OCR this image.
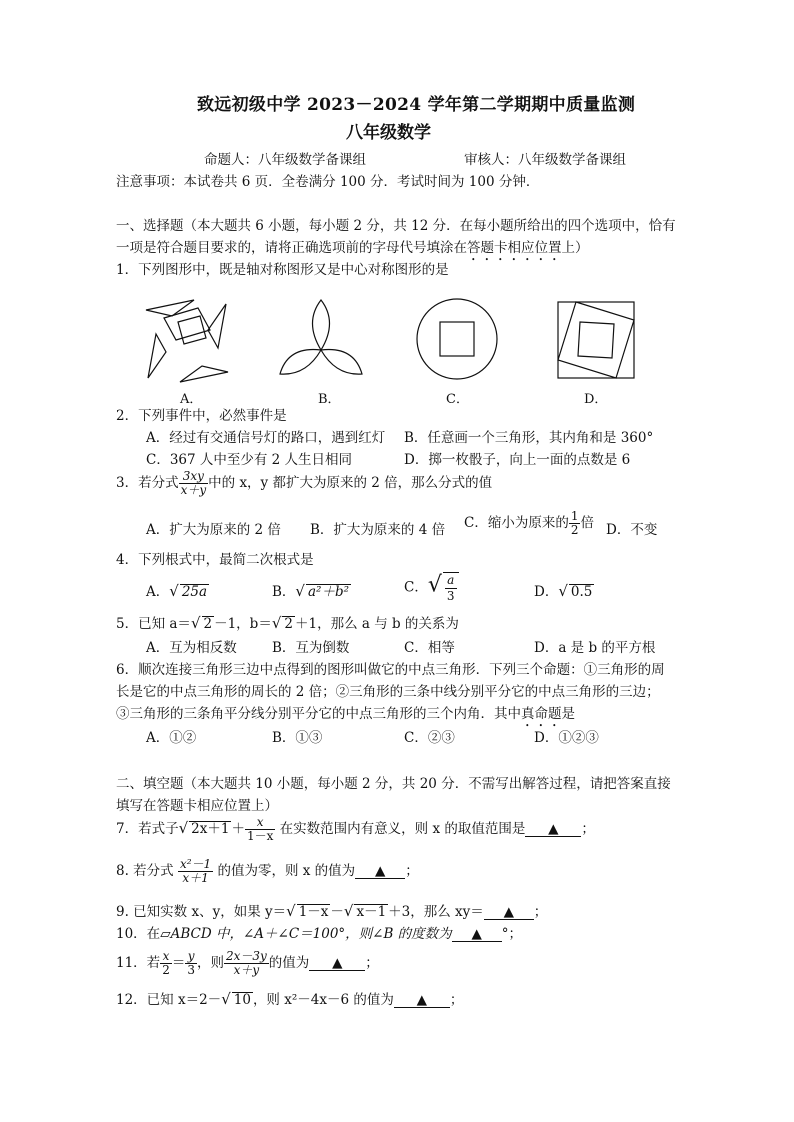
致远初级中学 2023－2024 学年第二学期期中质量监测
八年级数学
命题人：八年级数学备课组	审核人：八年级数学备课组
注意事项：本试卷共 6 页．全卷满分 100 分．考试时间为 100 分钟．
一、选择题（本大题共 6 小题，每小题 2 分，共 12 分．在每小题所给出的四个选项中，恰有
一项是符合题目要求的，请将正确选项前的字母代号填涂在答题卡相应位置上）
1．下列图形中，既是轴对称图形又是中心对称图形的是
A．	B．	C．	D．
2．下列事件中，必然事件是
A．经过有交通信号灯的路口，遇到红灯 B．任意画一个三角形，其内角和是 360°
C．367 人中至少有 2 人生日相同	D．掷一枚骰子，向上一面的点数是 6
3．若分式 $\frac{3xy}{x+y}$ 中的 x，y 都扩大为原来的 2 倍，那么分式的值
A．扩大为原来的 2 倍 B．扩大为原来的 4 倍 C．缩小为原来的 $\frac{1}{2}$ 倍 D．不变
4．下列根式中，最简二次根式是
A．√ 25a	B．√ a²＋b²	C．√ $\frac{a}{3}$	D．√ 0.5
5．已知 a＝√ 2 －1，b＝√ 2 ＋1，那么 a 与 b 的关系为
A．互为相反数	B．互为倒数	C．相等	D．a 是 b 的平方根
6．顺次连接三角形三边中点得到的图形叫做它的中点三角形．下列三个命题：①三角形的周
长是它的中点三角形的周长的 2 倍；②三角形的三条中线分别平分它的中点三角形的三边；
③三角形的三条角平分线分别平分它的中点三角形的三个内角．其中真命题是
A．①②	B．①③	C．②③	D．①②③
二、填空题（本大题共 10 小题，每小题 2 分，共 20 分．不需写出解答过程，请把答案直接
填写在答题卡相应位置上）
7．若式子√ $2x+1 + \frac{x}{1-x}$ 在实数范围内有意义，则 x 的取值范围是 ▲ ；
8. 若分式 $\frac{\text{x²－1}}{x+1}$ 的值为零，则 x 的值为 ▲ ；
9. 已知实数 x、y，如果 y＝√ 1－x －√ x－1 ＋3，那么 xy＝ ▲ ；
10．在▱ABCD 中，∠A＋∠C＝100°，则∠B 的度数为 ▲ °；
11．若 $\frac{x}{2} = \frac{y}{3}$ ，则 $\frac{2x-3y}{x+y}$ 的值为 ▲ ；
12．已知 x＝2－√ 10 ，则 x²－4x－6 的值为 ▲ ；
